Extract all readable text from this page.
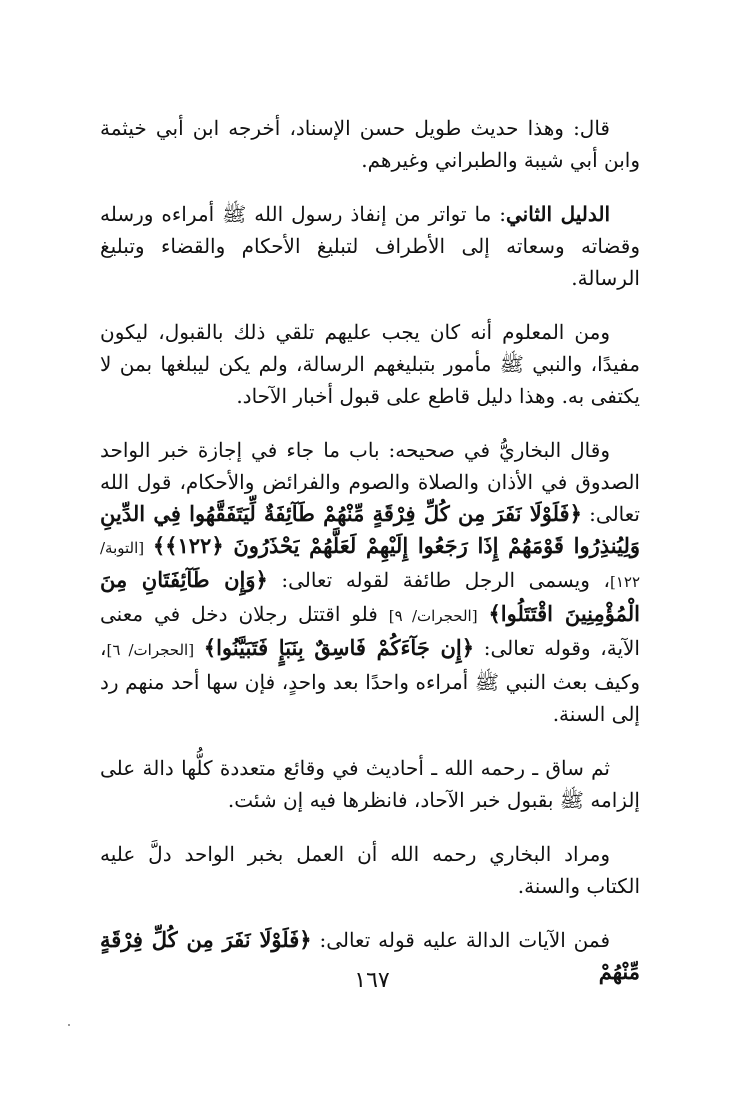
قال: وهذا حديث طويل حسن الإسناد، أخرجه ابن أبي خيثمة وابن أبي شيبة والطبراني وغيرهم.

الدليل الثاني: ما تواتر من إنفاذ رسول الله ﷺ أمراءه ورسله وقضاته وسعاته إلى الأطراف لتبليغ الأحكام والقضاء وتبليغ الرسالة.

ومن المعلوم أنه كان يجب عليهم تلقي ذلك بالقبول، ليكون مفيدًا، والنبي ﷺ مأمور بتبليغهم الرسالة، ولم يكن ليبلغها بمن لا يكتفى به. وهذا دليل قاطع على قبول أخبار الآحاد.

وقال البخاريُّ في صحيحه: باب ما جاء في إجازة خبر الواحد الصدوق في الأذان والصلاة والصوم والفرائض والأحكام، قول الله تعالى: ﴿فَلَوْلَا نَفَرَ مِن كُلِّ فِرْقَةٍ مِّنْهُمْ طَآئِفَةٌ لِّيَتَفَقَّهُوا فِي الدِّينِ وَلِيُنذِرُوا قَوْمَهُمْ إِذَا رَجَعُوا إِلَيْهِمْ لَعَلَّهُمْ يَحْذَرُونَ ﴿١٢٢﴾﴾ [التوبة/ ١٢٢]، ويسمى الرجل طائفة لقوله تعالى: ﴿وَإِن طَآئِفَتَانِ مِنَ الْمُؤْمِنِينَ اقْتَتَلُوا﴾ [الحجرات/ ٩] فلو اقتتل رجلان دخل في معنى الآية، وقوله تعالى: ﴿إِن جَآءَكُمْ فَاسِقٌ بِنَبَإٍ فَتَبَيَّنُوا﴾ [الحجرات/ ٦]، وكيف بعث النبي ﷺ أمراءه واحدًا بعد واحدٍ، فإن سها أحد منهم رد إلى السنة.

ثم ساق ـ رحمه الله ـ أحاديث في وقائع متعددة كلُّها دالة على إلزامه ﷺ بقبول خبر الآحاد، فانظرها فيه إن شئت.

ومراد البخاري رحمه الله أن العمل بخبر الواحد دلَّ عليه الكتاب والسنة.

فمن الآيات الدالة عليه قوله تعالى: ﴿فَلَوْلَا نَفَرَ مِن كُلِّ فِرْقَةٍ مِّنْهُمْ

١٦٧
